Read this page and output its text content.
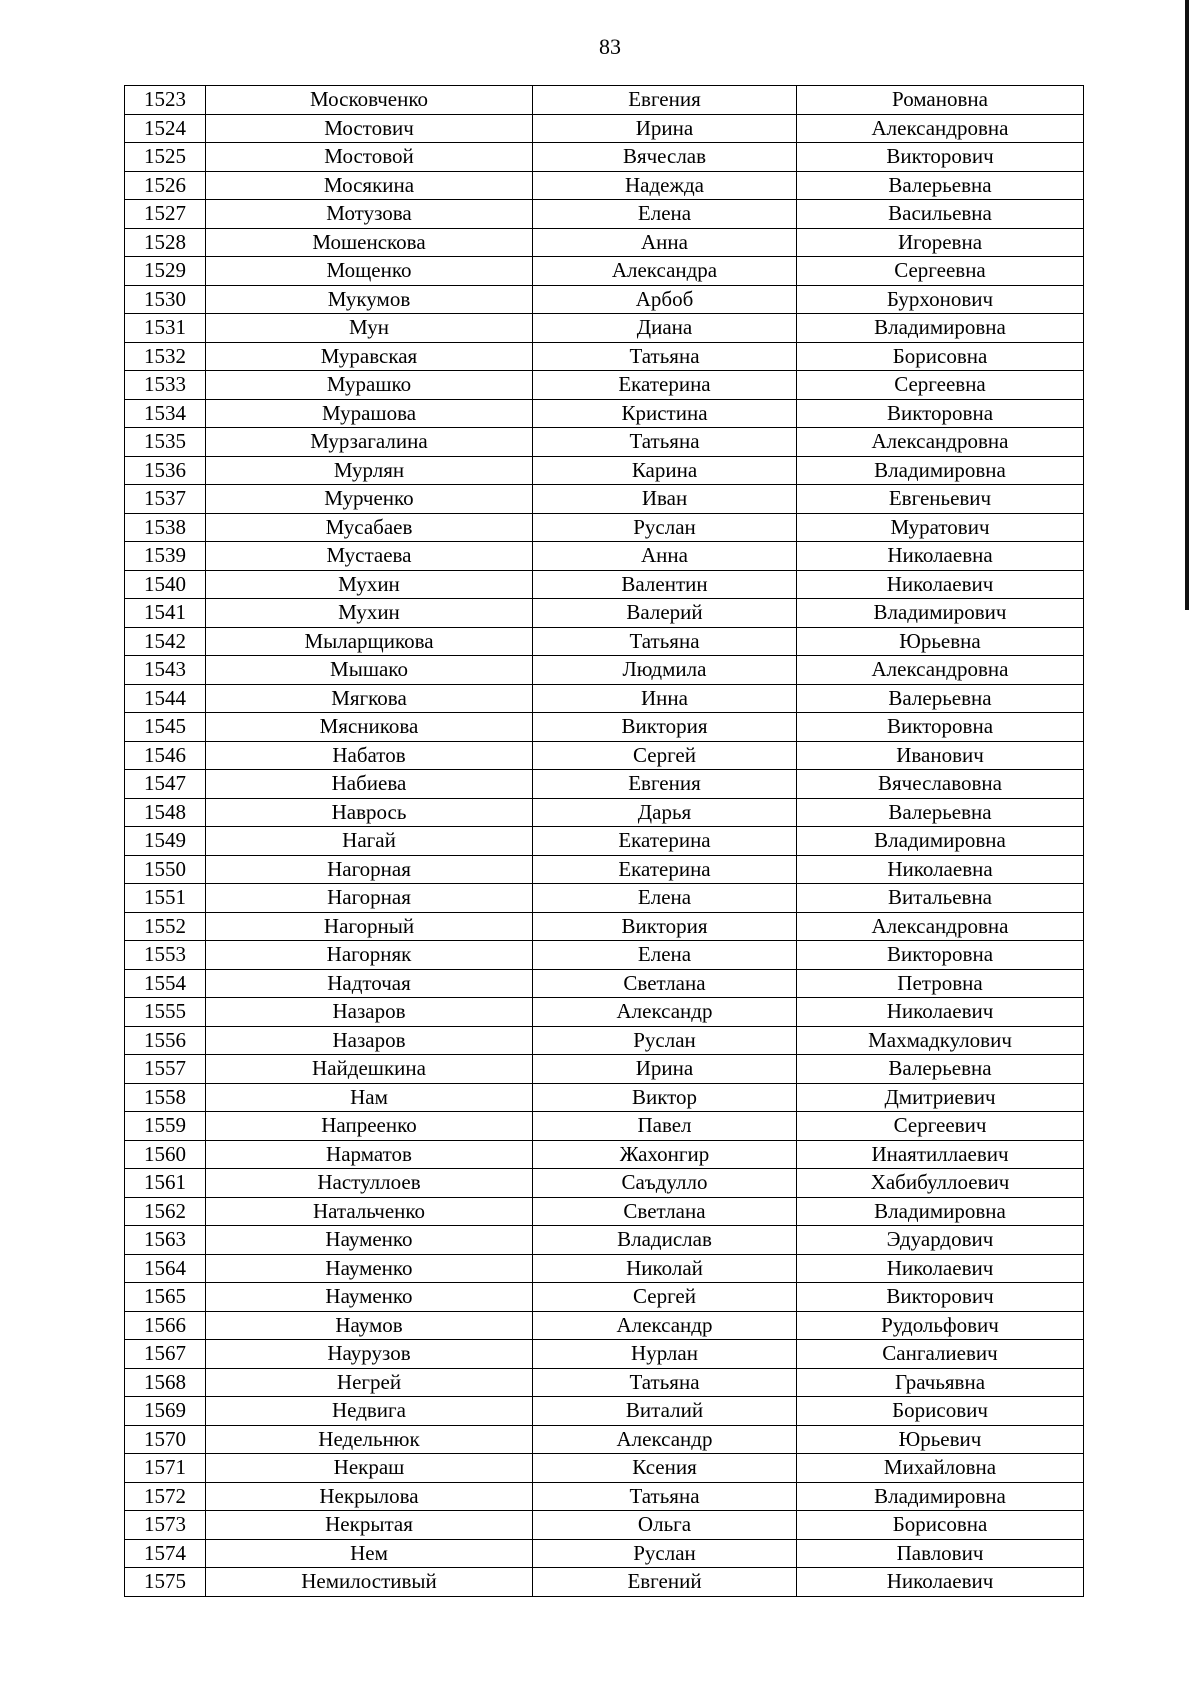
83
1523	Московченко	Евгения	Романовна
1524	Мостович	Ирина	Александровна
1525	Мостовой	Вячеслав	Викторович
1526	Мосякина	Надежда	Валерьевна
1527	Мотузова	Елена	Васильевна
1528	Мошенскова	Анна	Игоревна
1529	Мощенко	Александра	Сергеевна
1530	Мукумов	Арбоб	Бурхонович
1531	Мун	Диана	Владимировна
1532	Муравская	Татьяна	Борисовна
1533	Мурашко	Екатерина	Сергеевна
1534	Мурашова	Кристина	Викторовна
1535	Мурзагалина	Татьяна	Александровна
1536	Мурлян	Карина	Владимировна
1537	Мурченко	Иван	Евгеньевич
1538	Мусабаев	Руслан	Муратович
1539	Мустаева	Анна	Николаевна
1540	Мухин	Валентин	Николаевич
1541	Мухин	Валерий	Владимирович
1542	Мыларщикова	Татьяна	Юрьевна
1543	Мышако	Людмила	Александровна
1544	Мягкова	Инна	Валерьевна
1545	Мясникова	Виктория	Викторовна
1546	Набатов	Сергей	Иванович
1547	Набиева	Евгения	Вячеславовна
1548	Наврось	Дарья	Валерьевна
1549	Нагай	Екатерина	Владимировна
1550	Нагорная	Екатерина	Николаевна
1551	Нагорная	Елена	Витальевна
1552	Нагорный	Виктория	Александровна
1553	Нагорняк	Елена	Викторовна
1554	Надточая	Светлана	Петровна
1555	Назаров	Александр	Николаевич
1556	Назаров	Руслан	Махмадкулович
1557	Найдешкина	Ирина	Валерьевна
1558	Нам	Виктор	Дмитриевич
1559	Напреенко	Павел	Сергеевич
1560	Нарматов	Жахонгир	Инаятиллаевич
1561	Настуллоев	Саъдулло	Хабибуллоевич
1562	Натальченко	Светлана	Владимировна
1563	Науменко	Владислав	Эдуардович
1564	Науменко	Николай	Николаевич
1565	Науменко	Сергей	Викторович
1566	Наумов	Александр	Рудольфович
1567	Наурузов	Нурлан	Сангалиевич
1568	Негрей	Татьяна	Грачьявна
1569	Недвига	Виталий	Борисович
1570	Недельнюк	Александр	Юрьевич
1571	Некраш	Ксения	Михайловна
1572	Некрылова	Татьяна	Владимировна
1573	Некрытая	Ольга	Борисовна
1574	Нем	Руслан	Павлович
1575	Немилостивый	Евгений	Николаевич
